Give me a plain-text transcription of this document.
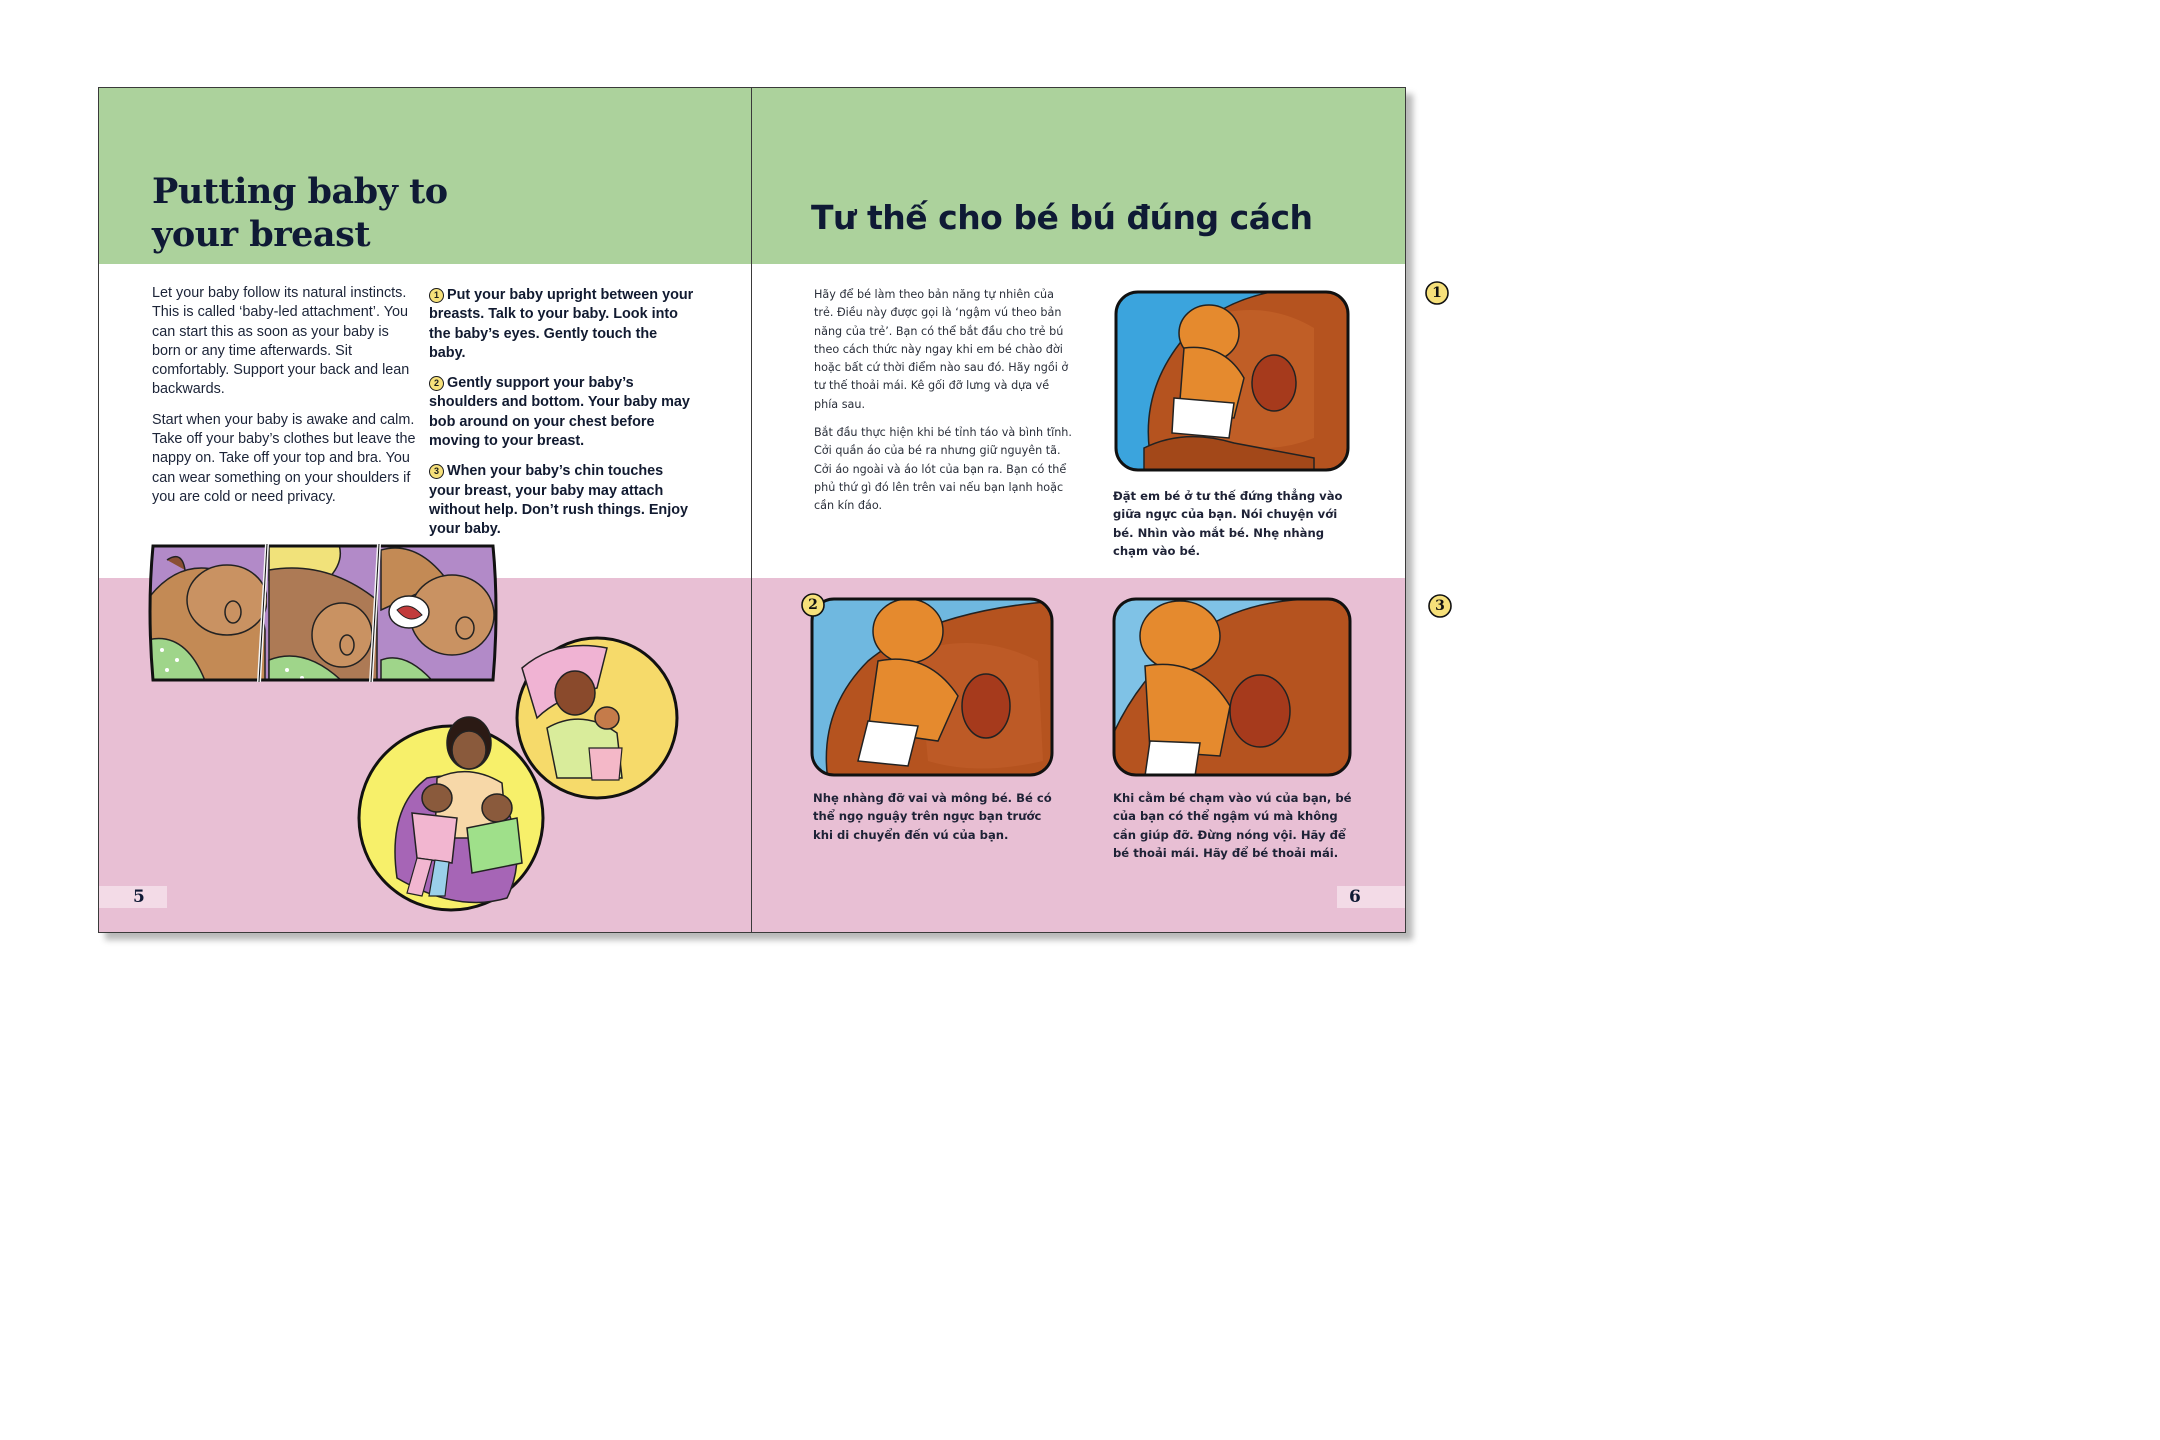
Putting baby to
your breast

Let your baby follow its natural instincts. This is called ‘baby-led attachment’. You can start this as soon as your baby is born or any time afterwards. Sit comfortably. Support your back and lean backwards.

Start when your baby is awake and calm. Take off your baby’s clothes but leave the nappy on. Take off your top and bra. You can wear something on your shoulders if you are cold or need privacy.

1 Put your baby upright between your breasts. Talk to your baby. Look into the baby’s eyes. Gently touch the baby.

2 Gently support your baby’s shoulders and bottom. Your baby may bob around on your chest before moving to your breast.

3 When your baby’s chin touches your breast, your baby may attach without help. Don’t rush things. Enjoy your baby.

5
Tư thế cho bé bú đúng cách

Hãy để bé làm theo bản năng tự nhiên của trẻ. Điều này được gọi là ‘ngậm vú theo bản năng của trẻ’. Bạn có thể bắt đầu cho trẻ bú theo cách thức này ngay khi em bé chào đời hoặc bất cứ thời điểm nào sau đó. Hãy ngồi ở tư thế thoải mái. Kê gối đỡ lưng và dựa về phía sau.

Bắt đầu thực hiện khi bé tỉnh táo và bình tĩnh. Cởi quần áo của bé ra nhưng giữ nguyên tã. Cởi áo ngoài và áo lót của bạn ra. Bạn có thể phủ thứ gì đó lên trên vai nếu bạn lạnh hoặc cần kín đáo.

1
Đặt em bé ở tư thế đứng thẳng vào giữa ngực của bạn. Nói chuyện với bé. Nhìn vào mắt bé. Nhẹ nhàng chạm vào bé.
2
Nhẹ nhàng đỡ vai và mông bé. Bé có thể ngọ nguậy trên ngực bạn trước khi di chuyển đến vú của bạn.
3
Khi cằm bé chạm vào vú của bạn, bé của bạn có thể ngậm vú mà không cần giúp đỡ. Đừng nóng vội. Hãy để bé thoải mái. Hãy để bé thoải mái.
6
